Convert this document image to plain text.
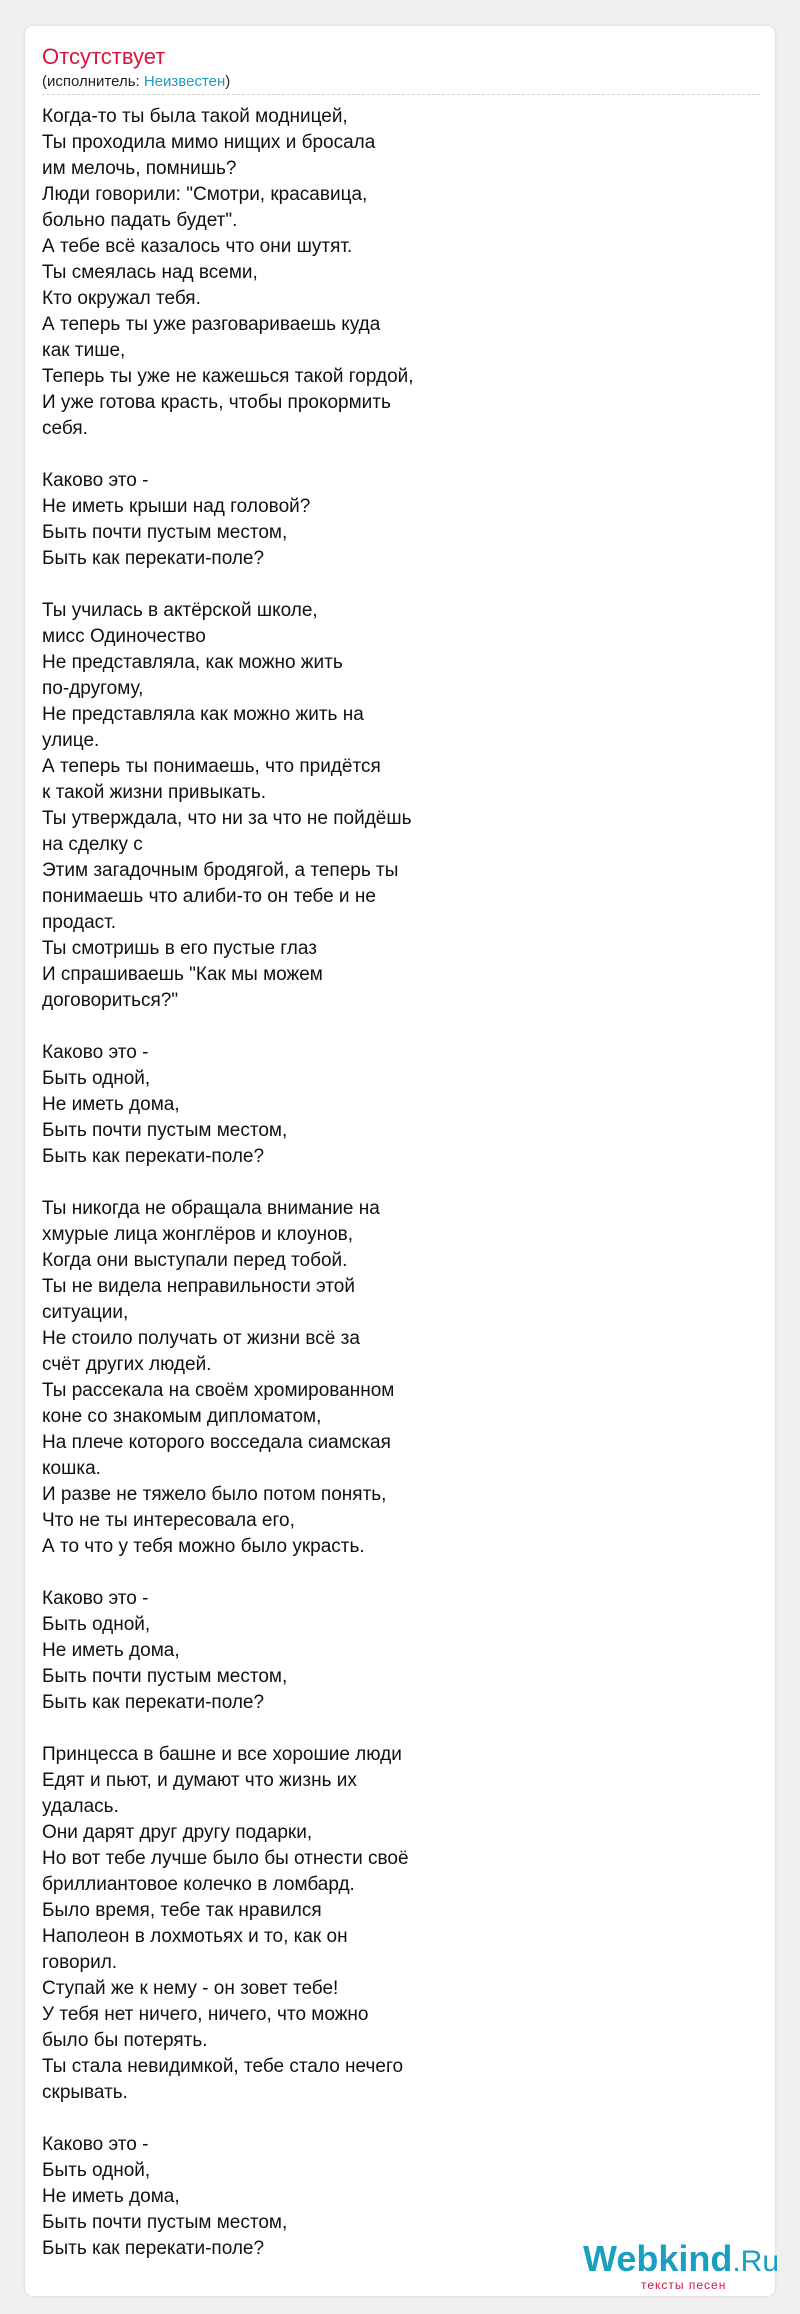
Отсутствует
(исполнитель: Неизвестен)
Когда-то ты была такой модницей,
Ты проходила мимо нищих и бросала
им мелочь, помнишь?
Люди говорили: "Смотри, красавица,
больно падать будет".
А тебе всё казалось что они шутят.
Ты смеялась над всеми,
Кто окружал тебя.
А теперь ты уже разговариваешь куда
как тише,
Теперь ты уже не кажешься такой гордой,
И уже готова красть, чтобы прокормить
себя.
Каково это -
Не иметь крыши над головой?
Быть почти пустым местом,
Быть как перекати-поле?
Ты училась в актёрской школе,
мисс Одиночество
Не представляла, как можно жить
по-другому,
Не представляла как можно жить на
улице.
А теперь ты понимаешь, что придётся
к такой жизни привыкать.
Ты утверждала, что ни за что не пойдёшь
на сделку с
Этим загадочным бродягой, а теперь ты
понимаешь что алиби-то он тебе и не
продаст.
Ты смотришь в его пустые глаз
И спрашиваешь "Как мы можем
договориться?"
Каково это -
Быть одной,
Не иметь дома,
Быть почти пустым местом,
Быть как перекати-поле?
Ты никогда не обращала внимание на
хмурые лица жонглёров и клоунов,
Когда они выступали перед тобой.
Ты не видела неправильности этой
ситуации,
Не стоило получать от жизни всё за
счёт других людей.
Ты рассекала на своём хромированном
коне со знакомым дипломатом,
На плече которого восседала сиамская
кошка.
И разве не тяжело было потом понять,
Что не ты интересовала его,
А то что у тебя можно было украсть.
Каково это -
Быть одной,
Не иметь дома,
Быть почти пустым местом,
Быть как перекати-поле?
Принцесса в башне и все хорошие люди
Едят и пьют, и думают что жизнь их
удалась.
Они дарят друг другу подарки,
Но вот тебе лучше было бы отнести своё
бриллиантовое колечко в ломбард.
Было время, тебе так нравился
Наполеон в лохмотьях и то, как он
говорил.
Ступай же к нему - он зовет тебе!
У тебя нет ничего, ничего, что можно
было бы потерять.
Ты стала невидимкой, тебе стало нечего
скрывать.
Каково это -
Быть одной,
Не иметь дома,
Быть почти пустым местом,
Быть как перекати-поле?	Webkind.Ru
тексты песен
